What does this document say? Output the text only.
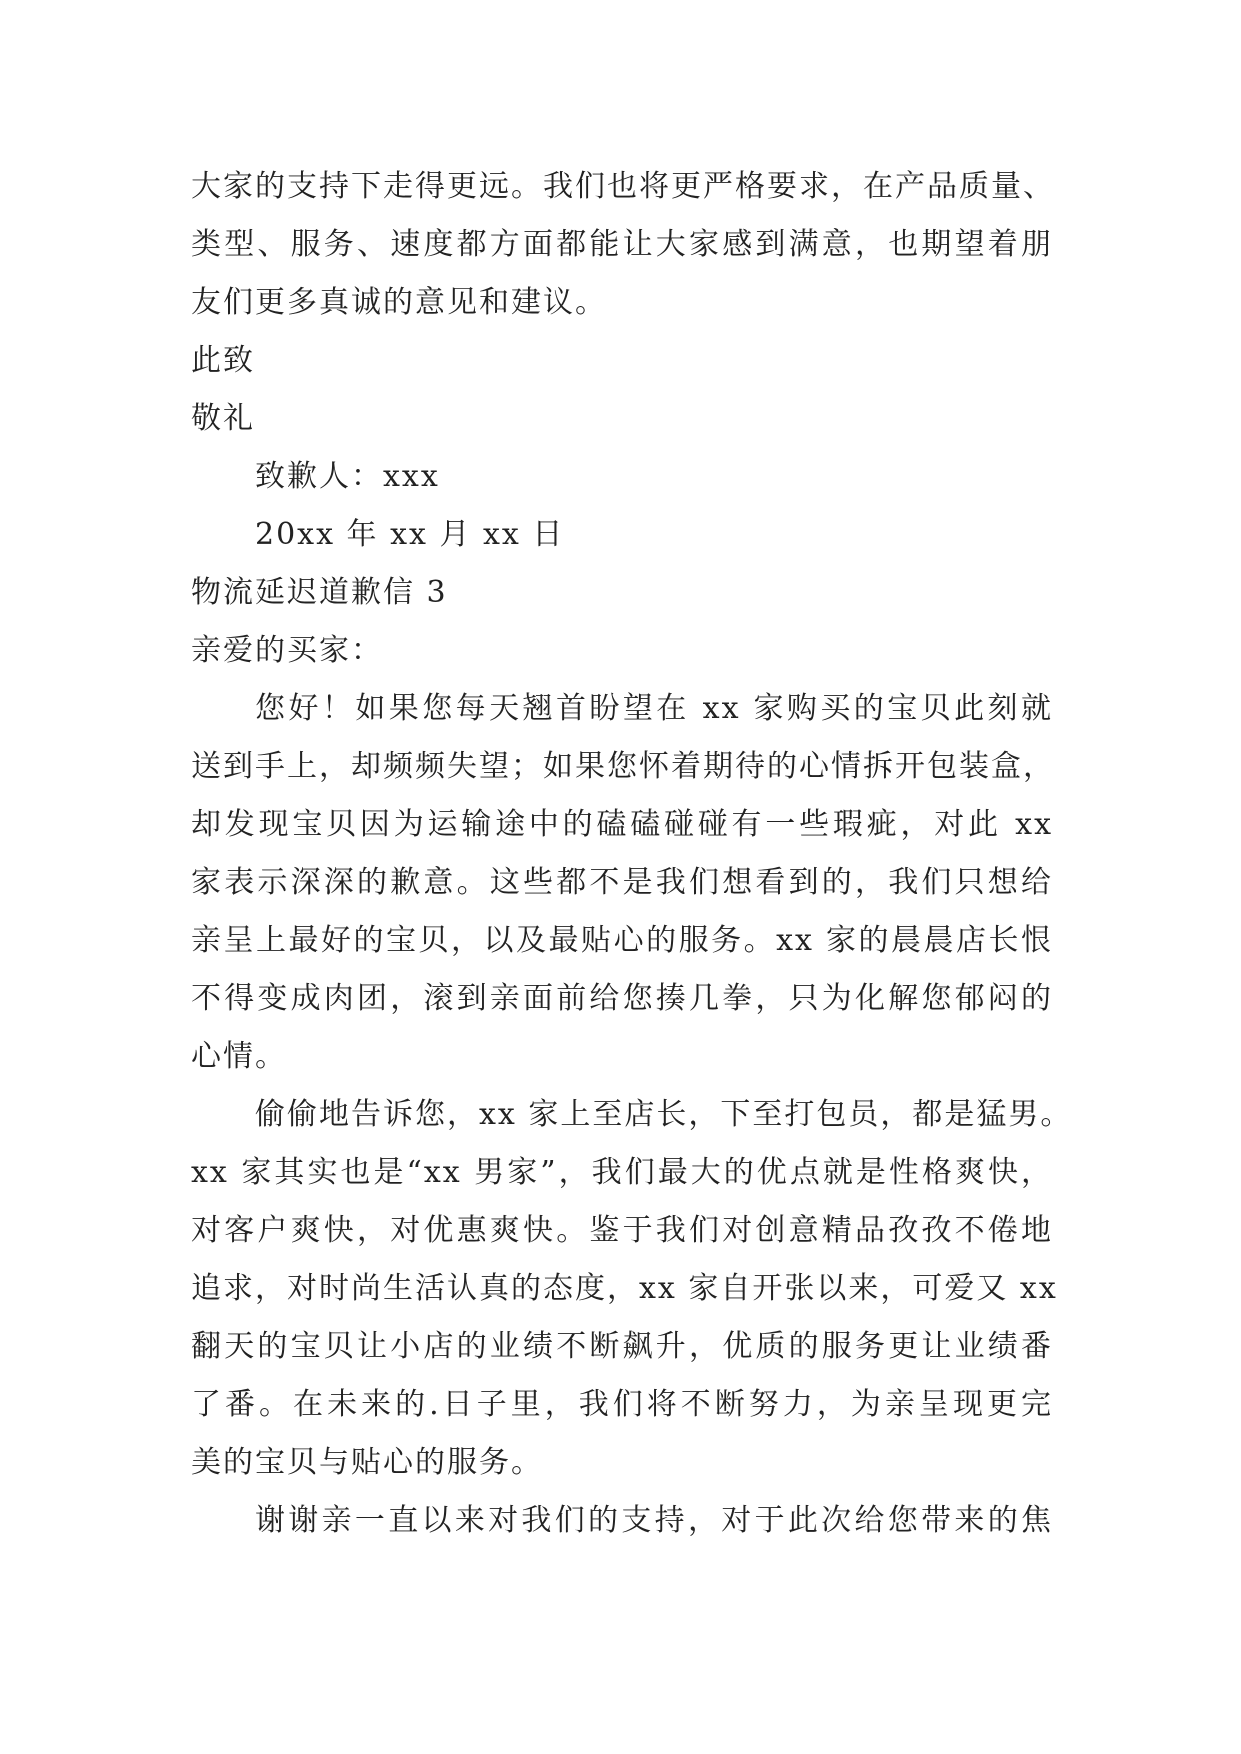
大家的支持下走得更远。我们也将更严格要求，在产品质量、
类型、服务、速度都方面都能让大家感到满意，也期望着朋
友们更多真诚的意见和建议。
此致
敬礼
致歉人：xxx
20xx 年 xx 月 xx 日
物流延迟道歉信 3
亲爱的买家：
您好！如果您每天翘首盼望在 xx 家购买的宝贝此刻就
送到手上，却频频失望；如果您怀着期待的心情拆开包装盒，
却发现宝贝因为运输途中的磕磕碰碰有一些瑕疵，对此 xx
家表示深深的歉意。这些都不是我们想看到的，我们只想给
亲呈上最好的宝贝，以及最贴心的服务。xx 家的晨晨店长恨
不得变成肉团，滚到亲面前给您揍几拳，只为化解您郁闷的
心情。
偷偷地告诉您，xx 家上至店长，下至打包员，都是猛男。
xx 家其实也是“xx 男家”，我们最大的优点就是性格爽快，
对客户爽快，对优惠爽快。鉴于我们对创意精品孜孜不倦地
追求，对时尚生活认真的态度，xx 家自开张以来，可爱又 xx
翻天的宝贝让小店的业绩不断飙升，优质的服务更让业绩番
了番。在未来的.日子里，我们将不断努力，为亲呈现更完
美的宝贝与贴心的服务。
谢谢亲一直以来对我们的支持，对于此次给您带来的焦
